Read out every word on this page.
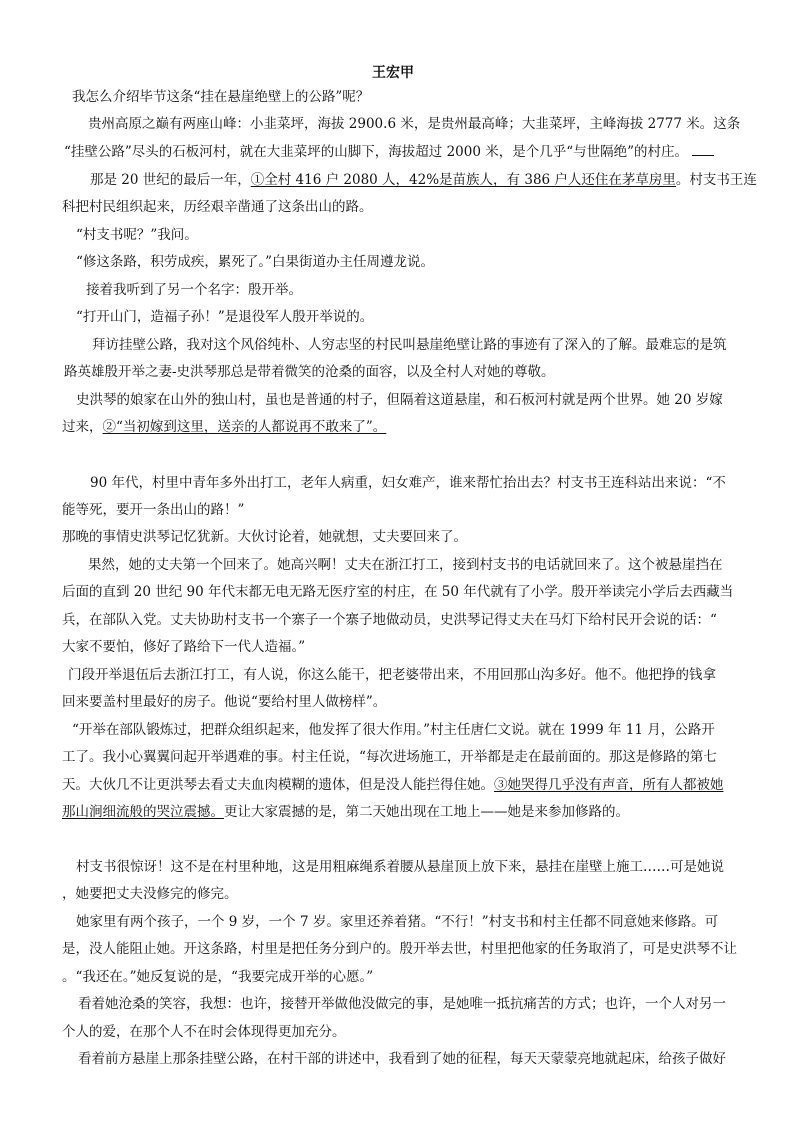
王宏甲
我怎么介绍毕节这条“挂在悬崖绝壁上的公路”呢？
贵州高原之巅有两座山峰：小韭菜坪，海拔 2900.6 米，是贵州最高峰；大韭菜坪，主峰海拔 2777 米。这条
“挂壁公路”尽头的石板河村，就在大韭菜坪的山脚下，海拔超过 2000 米，是个几乎“与世隔绝”的村庄。
那是 20 世纪的最后一年，①全村 416 户 2080 人，42%是苗族人，有 386 户人还住在茅草房里。村支书王连
科把村民组织起来，历经艰辛凿通了这条出山的路。
“村支书呢？”我问。
“修这条路，积劳成疾，累死了。”白果街道办主任周遵龙说。
接着我听到了另一个名字：殷开举。
“打开山门，造福子孙！”是退役军人殷开举说的。
拜访挂壁公路，我对这个风俗纯朴、人穷志坚的村民叫悬崖绝壁让路的事迹有了深入的了解。最难忘的是筑
路英雄殷开举之妻-史洪琴那总是带着微笑的沧桑的面容，以及全村人对她的尊敬。
史洪琴的娘家在山外的独山村，虽也是普通的村子，但隔着这道悬崖，和石板河村就是两个世界。她 20 岁嫁
过来，②“当初嫁到这里，送亲的人都说再不敢来了”。
90 年代，村里中青年多外出打工，老年人病重，妇女难产，谁来帮忙抬出去？村支书王连科站出来说：“不
能等死，要开一条出山的路！”
那晚的事情史洪琴记忆犹新。大伙讨论着，她就想，丈夫要回来了。
果然，她的丈夫第一个回来了。她高兴啊！丈夫在浙江打工，接到村支书的电话就回来了。这个被悬崖挡在
后面的直到 20 世纪 90 年代末都无电无路无医疗室的村庄，在 50 年代就有了小学。殷开举读完小学后去西藏当
兵，在部队入党。丈夫协助村支书一个寨子一个寨子地做动员，史洪琴记得丈夫在马灯下给村民开会说的话：“
大家不要怕，修好了路给下一代人造福。”
门段开举退伍后去浙江打工，有人说，你这么能干，把老婆带出来，不用回那山沟多好。他不。他把挣的钱拿
回来要盖村里最好的房子。他说“要给村里人做榜样”。
“开举在部队锻炼过，把群众组织起来，他发挥了很大作用。”村主任唐仁文说。就在 1999 年 11 月，公路开
工了。我小心翼翼问起开举遇难的事。村主任说，“每次进场施工，开举都是走在最前面的。那这是修路的第七
天。大伙几不让更洪琴去看丈夫血肉模糊的遗体，但是没人能拦得住她。③她哭得几乎没有声音，所有人都被她
那山涧细流般的哭泣震撼。更让大家震撼的是，第二天她出现在工地上——她是来参加修路的。
村支书很惊讶！这不是在村里种地，这是用粗麻绳系着腰从悬崖顶上放下来，悬挂在崖壁上施工……可是她说
，她要把丈夫没修完的修完。
她家里有两个孩子，一个 9 岁，一个 7 岁。家里还养着猪。“不行！”村支书和村主任都不同意她来修路。可
是，没人能阻止她。开这条路，村里是把任务分到户的。殷开举去世，村里把他家的任务取消了，可是史洪琴不让
。“我还在。”她反复说的是，“我要完成开举的心愿。”
看着她沧桑的笑容，我想：也许，接替开举做他没做完的事，是她唯一抵抗痛苦的方式；也许，一个人对另一
个人的爱，在那个人不在时会体现得更加充分。
看着前方悬崖上那条挂壁公路，在村干部的讲述中，我看到了她的征程，每天天蒙蒙亮地就起床，给孩子做好
